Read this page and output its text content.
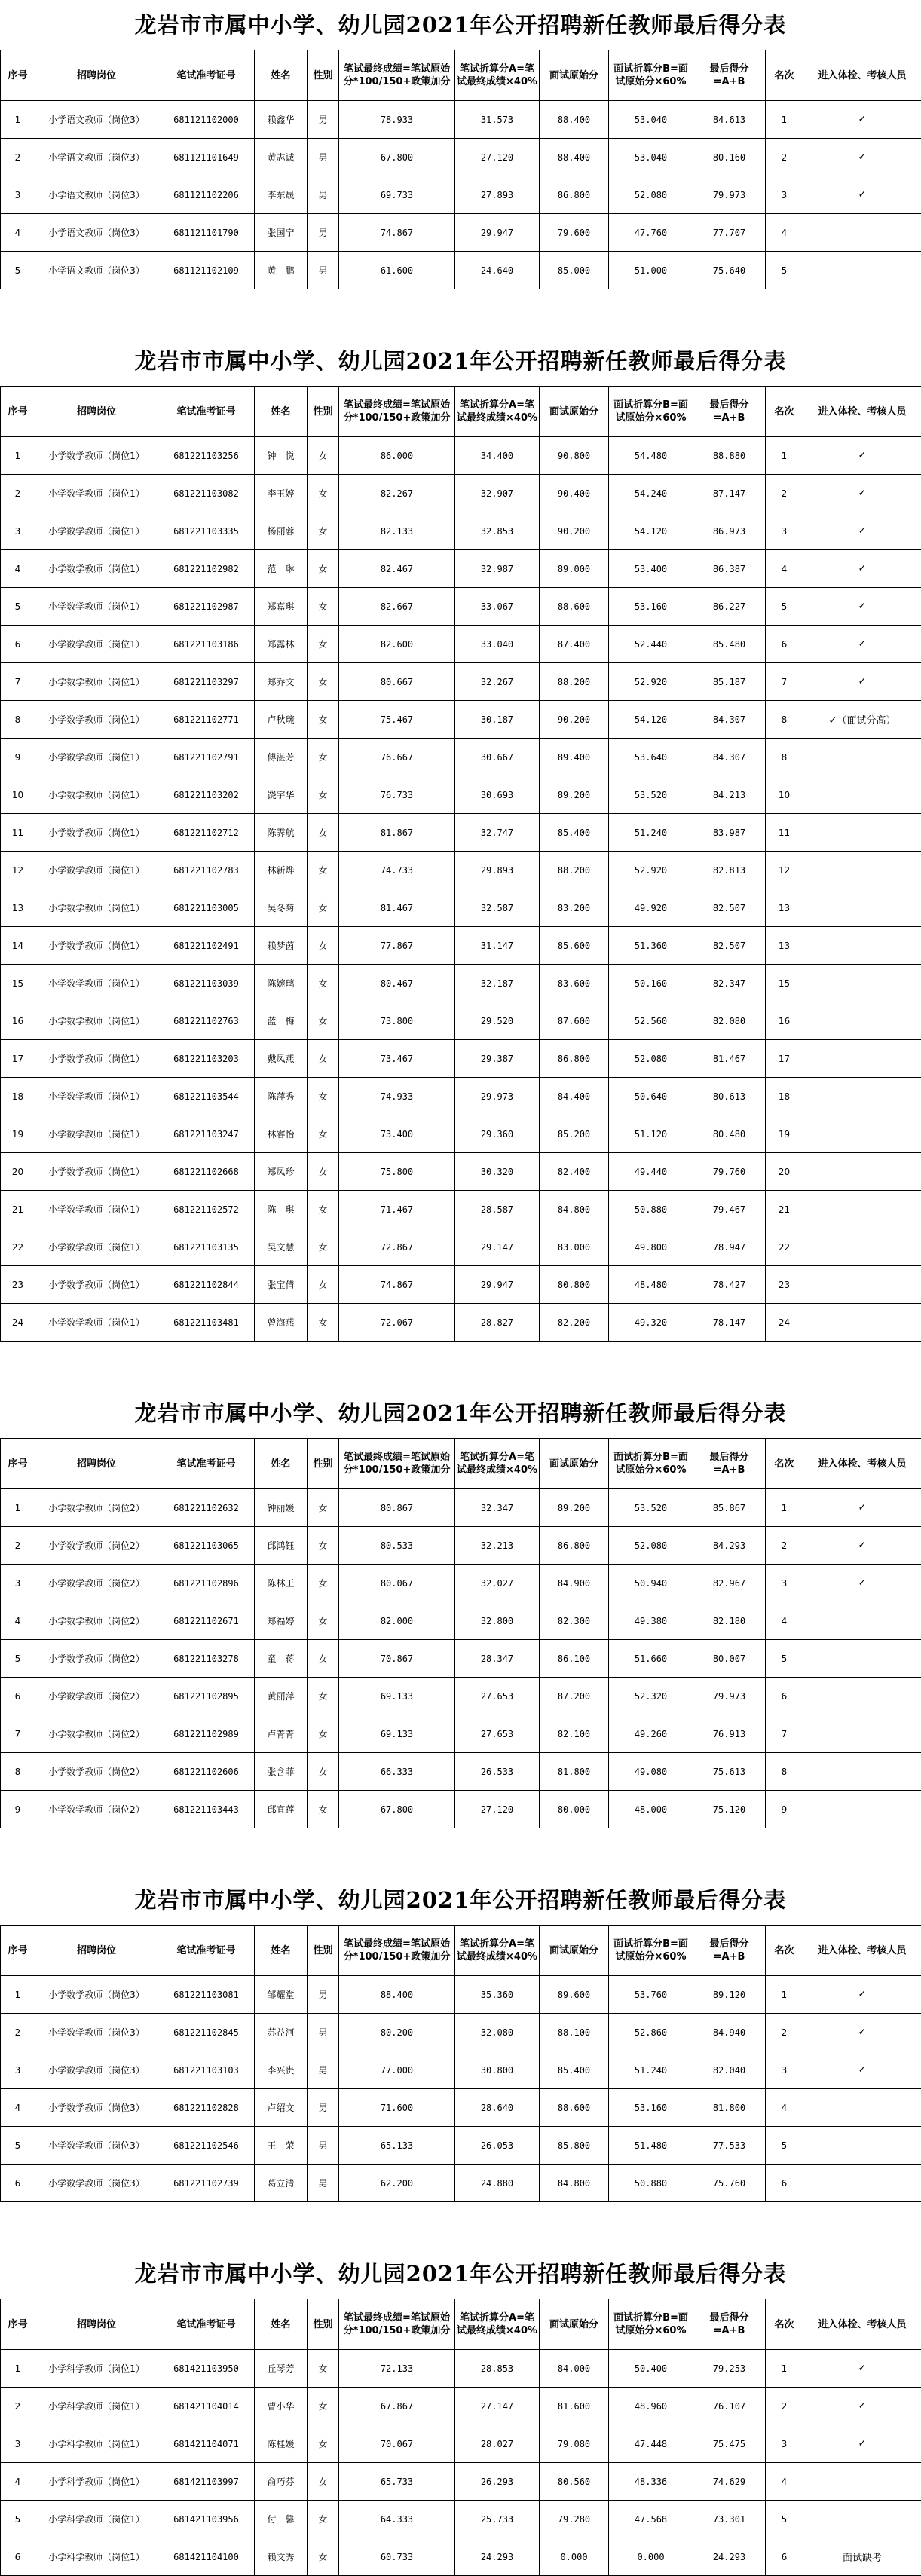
龙岩市市属中小学、幼儿园2021年公开招聘新任教师最后得分表
序号	招聘岗位	笔试准考证号	姓名	性别	笔试最终成绩=笔试原始分*100/150+政策加分	笔试折算分A=笔试最终成绩×40%	面试原始分	面试折算分B=面试原始分×60%	最后得分=A+B	名次	进入体检、考核人员
1	小学语文教师（岗位3）	681121102000	赖鑫华	男	78.933	31.573	88.400	53.040	84.613	1	✓
2	小学语文教师（岗位3）	681121101649	黄志诚	男	67.800	27.120	88.400	53.040	80.160	2	✓
3	小学语文教师（岗位3）	681121102206	李东晟	男	69.733	27.893	86.800	52.080	79.973	3	✓
4	小学语文教师（岗位3）	681121101790	张国宁	男	74.867	29.947	79.600	47.760	77.707	4	
5	小学语文教师（岗位3）	681121102109	黄　鹏	男	61.600	24.640	85.000	51.000	75.640	5	
龙岩市市属中小学、幼儿园2021年公开招聘新任教师最后得分表
序号	招聘岗位	笔试准考证号	姓名	性别	笔试最终成绩=笔试原始分*100/150+政策加分	笔试折算分A=笔试最终成绩×40%	面试原始分	面试折算分B=面试原始分×60%	最后得分=A+B	名次	进入体检、考核人员
1	小学数学教师（岗位1）	681221103256	钟　悦	女	86.000	34.400	90.800	54.480	88.880	1	✓
2	小学数学教师（岗位1）	681221103082	李玉婷	女	82.267	32.907	90.400	54.240	87.147	2	✓
3	小学数学教师（岗位1）	681221103335	杨丽蓉	女	82.133	32.853	90.200	54.120	86.973	3	✓
4	小学数学教师（岗位1）	681221102982	范　琳	女	82.467	32.987	89.000	53.400	86.387	4	✓
5	小学数学教师（岗位1）	681221102987	郑嘉琪	女	82.667	33.067	88.600	53.160	86.227	5	✓
6	小学数学教师（岗位1）	681221103186	郑露林	女	82.600	33.040	87.400	52.440	85.480	6	✓
7	小学数学教师（岗位1）	681221103297	郑乔文	女	80.667	32.267	88.200	52.920	85.187	7	✓
8	小学数学教师（岗位1）	681221102771	卢秋琬	女	75.467	30.187	90.200	54.120	84.307	8	✓（面试分高）
9	小学数学教师（岗位1）	681221102791	傅湛芳	女	76.667	30.667	89.400	53.640	84.307	8	
10	小学数学教师（岗位1）	681221103202	饶宇华	女	76.733	30.693	89.200	53.520	84.213	10	
11	小学数学教师（岗位1）	681221102712	陈霁航	女	81.867	32.747	85.400	51.240	83.987	11	
12	小学数学教师（岗位1）	681221102783	林新烨	女	74.733	29.893	88.200	52.920	82.813	12	
13	小学数学教师（岗位1）	681221103005	吴冬菊	女	81.467	32.587	83.200	49.920	82.507	13	
14	小学数学教师（岗位1）	681221102491	赖梦茵	女	77.867	31.147	85.600	51.360	82.507	13	
15	小学数学教师（岗位1）	681221103039	陈婉璃	女	80.467	32.187	83.600	50.160	82.347	15	
16	小学数学教师（岗位1）	681221102763	蓝　梅	女	73.800	29.520	87.600	52.560	82.080	16	
17	小学数学教师（岗位1）	681221103203	戴凤燕	女	73.467	29.387	86.800	52.080	81.467	17	
18	小学数学教师（岗位1）	681221103544	陈萍秀	女	74.933	29.973	84.400	50.640	80.613	18	
19	小学数学教师（岗位1）	681221103247	林睿怡	女	73.400	29.360	85.200	51.120	80.480	19	
20	小学数学教师（岗位1）	681221102668	郑凤珍	女	75.800	30.320	82.400	49.440	79.760	20	
21	小学数学教师（岗位1）	681221102572	陈　琪	女	71.467	28.587	84.800	50.880	79.467	21	
22	小学数学教师（岗位1）	681221103135	吴文慧	女	72.867	29.147	83.000	49.800	78.947	22	
23	小学数学教师（岗位1）	681221102844	张宝倩	女	74.867	29.947	80.800	48.480	78.427	23	
24	小学数学教师（岗位1）	681221103481	曾海燕	女	72.067	28.827	82.200	49.320	78.147	24	
龙岩市市属中小学、幼儿园2021年公开招聘新任教师最后得分表
序号	招聘岗位	笔试准考证号	姓名	性别	笔试最终成绩=笔试原始分*100/150+政策加分	笔试折算分A=笔试最终成绩×40%	面试原始分	面试折算分B=面试原始分×60%	最后得分=A+B	名次	进入体检、考核人员
1	小学数学教师（岗位2）	681221102632	钟丽媛	女	80.867	32.347	89.200	53.520	85.867	1	✓
2	小学数学教师（岗位2）	681221103065	邱鸿钰	女	80.533	32.213	86.800	52.080	84.293	2	✓
3	小学数学教师（岗位2）	681221102896	陈林王	女	80.067	32.027	84.900	50.940	82.967	3	✓
4	小学数学教师（岗位2）	681221102671	郑福婷	女	82.000	32.800	82.300	49.380	82.180	4	
5	小学数学教师（岗位2）	681221103278	童　蒋	女	70.867	28.347	86.100	51.660	80.007	5	
6	小学数学教师（岗位2）	681221102895	黄丽萍	女	69.133	27.653	87.200	52.320	79.973	6	
7	小学数学教师（岗位2）	681221102989	卢菁菁	女	69.133	27.653	82.100	49.260	76.913	7	
8	小学数学教师（岗位2）	681221102606	张含菲	女	66.333	26.533	81.800	49.080	75.613	8	
9	小学数学教师（岗位2）	681221103443	邱宜莲	女	67.800	27.120	80.000	48.000	75.120	9	
龙岩市市属中小学、幼儿园2021年公开招聘新任教师最后得分表
序号	招聘岗位	笔试准考证号	姓名	性别	笔试最终成绩=笔试原始分*100/150+政策加分	笔试折算分A=笔试最终成绩×40%	面试原始分	面试折算分B=面试原始分×60%	最后得分=A+B	名次	进入体检、考核人员
1	小学数学教师（岗位3）	681221103081	邹耀堂	男	88.400	35.360	89.600	53.760	89.120	1	✓
2	小学数学教师（岗位3）	681221102845	苏益河	男	80.200	32.080	88.100	52.860	84.940	2	✓
3	小学数学教师（岗位3）	681221103103	李兴贵	男	77.000	30.800	85.400	51.240	82.040	3	✓
4	小学数学教师（岗位3）	681221102828	卢绍文	男	71.600	28.640	88.600	53.160	81.800	4	
5	小学数学教师（岗位3）	681221102546	王　荣	男	65.133	26.053	85.800	51.480	77.533	5	
6	小学数学教师（岗位3）	681221102739	葛立清	男	62.200	24.880	84.800	50.880	75.760	6	
龙岩市市属中小学、幼儿园2021年公开招聘新任教师最后得分表
序号	招聘岗位	笔试准考证号	姓名	性别	笔试最终成绩=笔试原始分*100/150+政策加分	笔试折算分A=笔试最终成绩×40%	面试原始分	面试折算分B=面试原始分×60%	最后得分=A+B	名次	进入体检、考核人员
1	小学科学教师（岗位1）	681421103950	丘琴芳	女	72.133	28.853	84.000	50.400	79.253	1	✓
2	小学科学教师（岗位1）	681421104014	曹小华	女	67.867	27.147	81.600	48.960	76.107	2	✓
3	小学科学教师（岗位1）	681421104071	陈桂媛	女	70.067	28.027	79.080	47.448	75.475	3	✓
4	小学科学教师（岗位1）	681421103997	俞巧芬	女	65.733	26.293	80.560	48.336	74.629	4	
5	小学科学教师（岗位1）	681421103956	付　馨	女	64.333	25.733	79.280	47.568	73.301	5	
6	小学科学教师（岗位1）	681421104100	赖文秀	女	60.733	24.293	0.000	0.000	24.293	6	面试缺考
